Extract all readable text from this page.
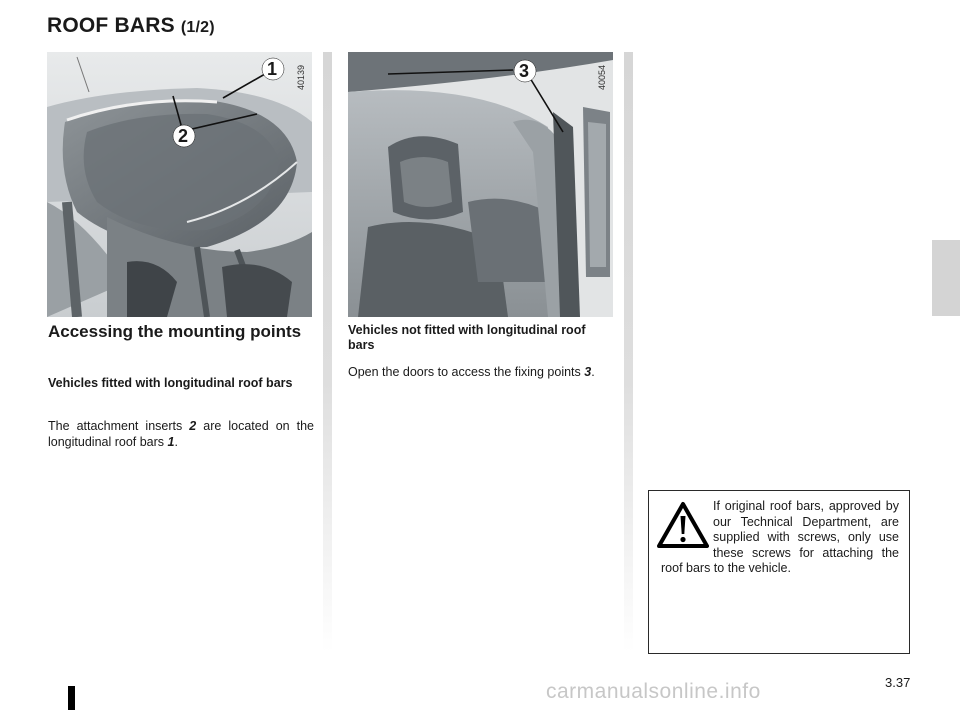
ROOF BARS (1/2)
1
2
40139	3	40054
Accessing the mounting points
Vehicles fitted with longitudinal roof bars
The attachment inserts 2 are located on the longitudinal roof bars 1.
Vehicles not fitted with longitudinal roof bars
Open the doors to access the fixing points 3.
If original roof bars, approved by our Technical Department, are supplied with screws, only use these screws for attaching the roof bars to the vehicle.
3.37
carmanualsonline.info
